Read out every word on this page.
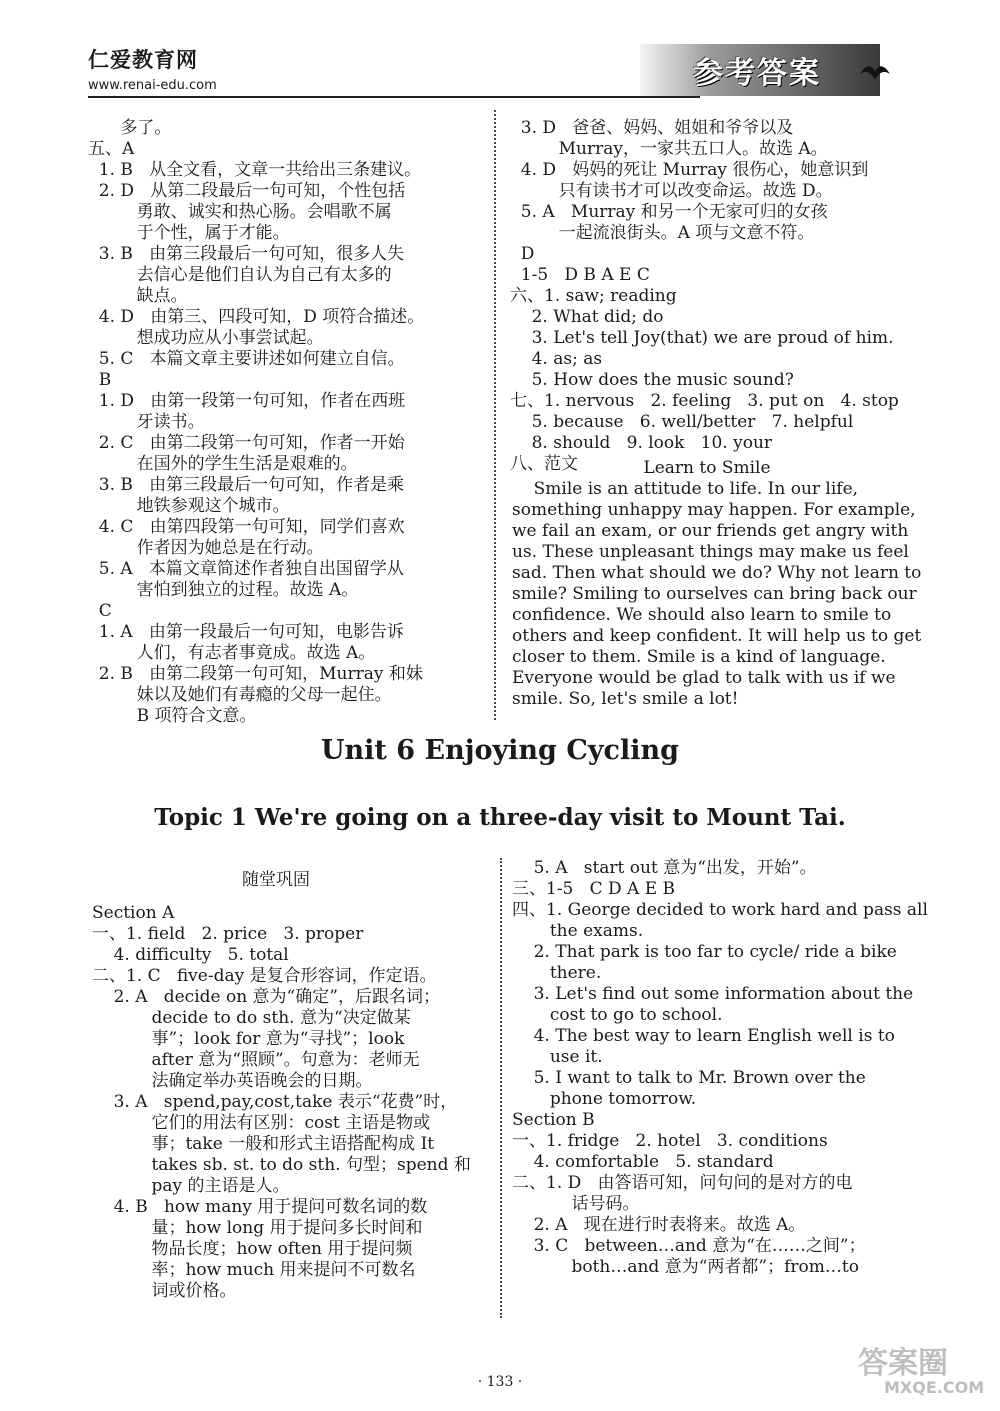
仁爱教育网
www.renai-edu.com	参考答案
多了。
五、A
1. B   从全文看，文章一共给出三条建议。
2. D   从第二段最后一句可知，个性包括
勇敢、诚实和热心肠。会唱歌不属
于个性，属于才能。
3. B   由第三段最后一句可知，很多人失
去信心是他们自认为自己有太多的
缺点。
4. D   由第三、四段可知，D 项符合描述。
想成功应从小事尝试起。
5. C   本篇文章主要讲述如何建立自信。
B
1. D   由第一段第一句可知，作者在西班
牙读书。
2. C   由第二段第一句可知，作者一开始
在国外的学生生活是艰难的。
3. B   由第三段最后一句可知，作者是乘
地铁参观这个城市。
4. C   由第四段第一句可知，同学们喜欢
作者因为她总是在行动。
5. A   本篇文章简述作者独自出国留学从
害怕到独立的过程。故选 A。
C
1. A   由第一段最后一句可知，电影告诉
人们，有志者事竟成。故选 A。
2. B   由第二段第一句可知，Murray 和妹
妹以及她们有毒瘾的父母一起住。
B 项符合文意。
3. D   爸爸、妈妈、姐姐和爷爷以及
Murray，一家共五口人。故选 A。
4. D   妈妈的死让 Murray 很伤心，她意识到
只有读书才可以改变命运。故选 D。
5. A   Murray 和另一个无家可归的女孩
一起流浪街头。A 项与文意不符。
D
1-5   D B A E C
六、1. saw; reading
2. What did; do
3. Let's tell Joy(that) we are proud of him.
4. as; as
5. How does the music sound?
七、1. nervous   2. feeling   3. put on   4. stop
5. because   6. well/better   7. helpful
8. should   9. look   10. your
八、范文	Learn to Smile
Smile is an attitude to life. In our life,
something unhappy may happen. For example,
we fail an exam, or our friends get angry with
us. These unpleasant things may make us feel
sad. Then what should we do? Why not learn to
smile? Smiling to ourselves can bring back our
confidence. We should also learn to smile to
others and keep confident. It will help us to get
closer to them. Smile is a kind of language.
Everyone would be glad to talk with us if we
smile. So, let's smile a lot!
Unit 6 Enjoying Cycling
Topic 1 We're going on a three-day visit to Mount Tai.
随堂巩固
Section A
一、1. field   2. price   3. proper
4. difficulty   5. total
二、1. C   five-day 是复合形容词，作定语。
2. A   decide on 意为“确定”，后跟名词；
decide to do sth. 意为“决定做某
事”；look for 意为“寻找”；look
after 意为“照顾”。句意为：老师无
法确定举办英语晚会的日期。
3. A   spend,pay,cost,take 表示“花费”时，
它们的用法有区别：cost 主语是物或
事；take 一般和形式主语搭配构成 It
takes sb. st. to do sth. 句型；spend 和
pay 的主语是人。
4. B   how many 用于提问可数名词的数
量；how long 用于提问多长时间和
物品长度；how often 用于提问频
率；how much 用来提问不可数名
词或价格。
5. A   start out 意为“出发，开始”。
三、1-5   C D A E B
四、1. George decided to work hard and pass all
the exams.
2. That park is too far to cycle/ ride a bike
there.
3. Let's find out some information about the
cost to go to school.
4. The best way to learn English well is to
use it.
5. I want to talk to Mr. Brown over the
phone tomorrow.
Section B
一、1. fridge   2. hotel   3. conditions
4. comfortable   5. standard
二、1. D   由答语可知，问句问的是对方的电
话号码。
2. A   现在进行时表将来。故选 A。
3. C   between…and 意为“在……之间”；
both…and 意为“两者都”；from…to
· 133 ·
答案圈
MXQE.COM
